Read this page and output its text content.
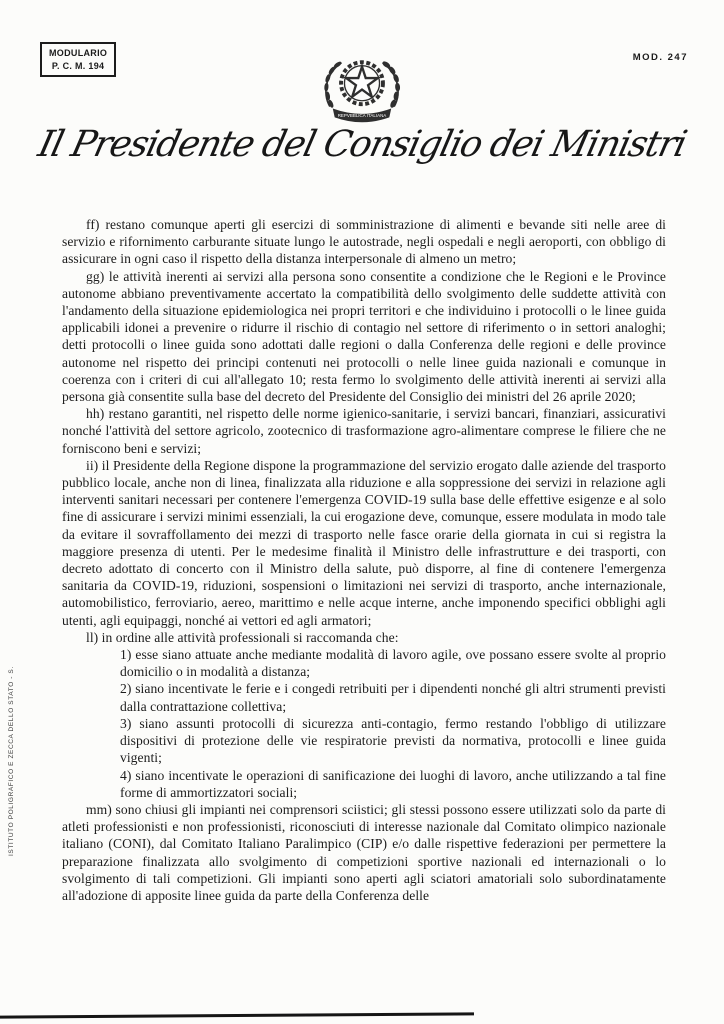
MODULARIO
P. C. M. 194
MOD. 247
REPVBBLICA ITALIANA
Il Presidente del Consiglio dei Ministri

ff) restano comunque aperti gli esercizi di somministrazione di alimenti e bevande siti nelle aree di servizio e rifornimento carburante situate lungo le autostrade, negli ospedali e negli aeroporti, con obbligo di assicurare in ogni caso il rispetto della distanza interpersonale di almeno un metro;

gg) le attività inerenti ai servizi alla persona sono consentite a condizione che le Regioni e le Province autonome abbiano preventivamente accertato la compatibilità dello svolgimento delle suddette attività con l'andamento della situazione epidemiologica nei propri territori e che individuino i protocolli o le linee guida applicabili idonei a prevenire o ridurre il rischio di contagio nel settore di riferimento o in settori analoghi; detti protocolli o linee guida sono adottati dalle regioni o dalla Conferenza delle regioni e delle province autonome nel rispetto dei principi contenuti nei protocolli o nelle linee guida nazionali e comunque in coerenza con i criteri di cui all'allegato 10; resta fermo lo svolgimento delle attività inerenti ai servizi alla persona già consentite sulla base del decreto del Presidente del Consiglio dei ministri del 26 aprile 2020;

hh) restano garantiti, nel rispetto delle norme igienico-sanitarie, i servizi bancari, finanziari, assicurativi nonché l'attività del settore agricolo, zootecnico di trasformazione agro-alimentare comprese le filiere che ne forniscono beni e servizi;

ii) il Presidente della Regione dispone la programmazione del servizio erogato dalle aziende del trasporto pubblico locale, anche non di linea, finalizzata alla riduzione e alla soppressione dei servizi in relazione agli interventi sanitari necessari per contenere l'emergenza COVID-19 sulla base delle effettive esigenze e al solo fine di assicurare i servizi minimi essenziali, la cui erogazione deve, comunque, essere modulata in modo tale da evitare il sovraffollamento dei mezzi di trasporto nelle fasce orarie della giornata in cui si registra la maggiore presenza di utenti. Per le medesime finalità il Ministro delle infrastrutture e dei trasporti, con decreto adottato di concerto con il Ministro della salute, può disporre, al fine di contenere l'emergenza sanitaria da COVID-19, riduzioni, sospensioni o limitazioni nei servizi di trasporto, anche internazionale, automobilistico, ferroviario, aereo, marittimo e nelle acque interne, anche imponendo specifici obblighi agli utenti, agli equipaggi, nonché ai vettori ed agli armatori;

ll) in ordine alle attività professionali si raccomanda che:

1) esse siano attuate anche mediante modalità di lavoro agile, ove possano essere svolte al proprio domicilio o in modalità a distanza;

2) siano incentivate le ferie e i congedi retribuiti per i dipendenti nonché gli altri strumenti previsti dalla contrattazione collettiva;

3) siano assunti protocolli di sicurezza anti-contagio, fermo restando l'obbligo di utilizzare dispositivi di protezione delle vie respiratorie previsti da normativa, protocolli e linee guida vigenti;

4) siano incentivate le operazioni di sanificazione dei luoghi di lavoro, anche utilizzando a tal fine forme di ammortizzatori sociali;

mm) sono chiusi gli impianti nei comprensori sciistici; gli stessi possono essere utilizzati solo da parte di atleti professionisti e non professionisti, riconosciuti di interesse nazionale dal Comitato olimpico nazionale italiano (CONI), dal Comitato Italiano Paralimpico (CIP) e/o dalle rispettive federazioni per permettere la preparazione finalizzata allo svolgimento di competizioni sportive nazionali ed internazionali o lo svolgimento di tali competizioni. Gli impianti sono aperti agli sciatori amatoriali solo subordinatamente all'adozione di apposite linee guida da parte della Conferenza delle

ISTITUTO POLIGRAFICO E ZECCA DELLO STATO - S.
